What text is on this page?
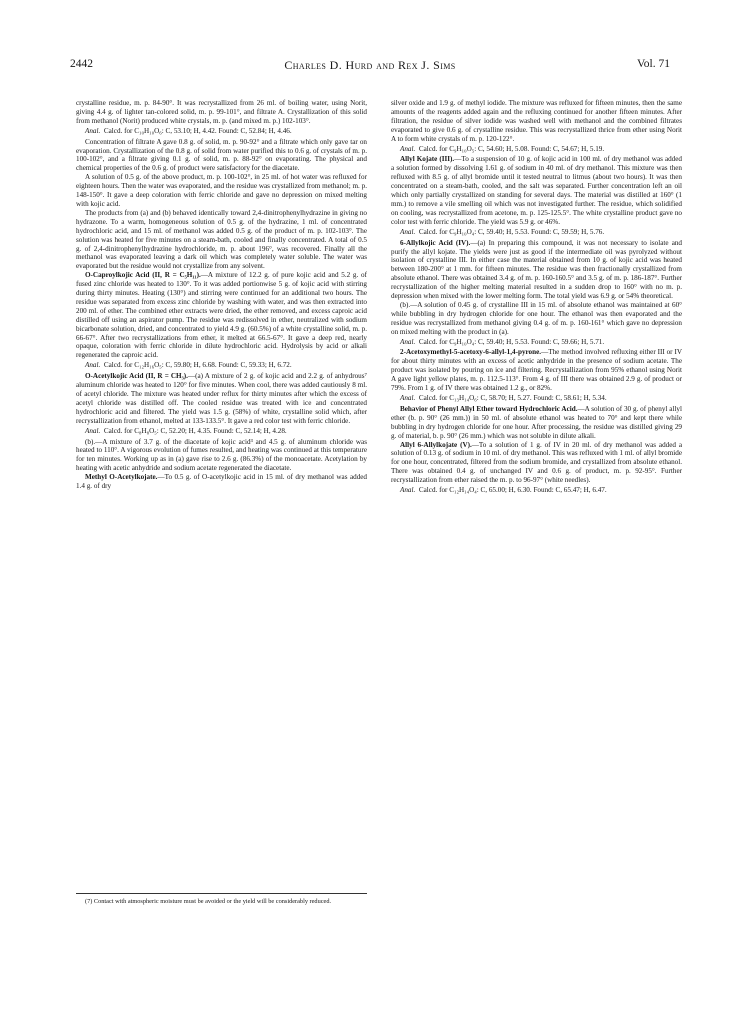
2442	Charles D. Hurd and Rex J. Sims	Vol. 71

crystalline residue, m. p. 84-90°. It was recrystallized from 26 ml. of boiling water, using Norit, giving 4.4 g. of lighter tan-colored solid, m. p. 99-101°, and filtrate A. Crystallization of this solid from methanol (Norit) produced white crystals, m. p. (and mixed m. p.) 102-103°.

Anal. Calcd. for C₁₀H₁₀O₆: C, 53.10; H, 4.42. Found: C, 52.84; H, 4.46.

Concentration of filtrate A gave 0.8 g. of solid, m. p. 90-92° and a filtrate which only gave tar on evaporation. Crystallization of the 0.8 g. of solid from water purified this to 0.6 g. of crystals of m. p. 100-102°, and a filtrate giving 0.1 g. of solid, m. p. 88-92° on evaporating. The physical and chemical properties of the 0.6 g. of product were satisfactory for the diacetate.

A solution of 0.5 g. of the above product, m. p. 100-102°, in 25 ml. of hot water was refluxed for eighteen hours. Then the water was evaporated, and the residue was crystallized from methanol; m. p. 148-150°. It gave a deep coloration with ferric chloride and gave no depression on mixed melting with kojic acid.

The products from (a) and (b) behaved identically toward 2,4-dinitrophenylhydrazine in giving no hydrazone. To a warm, homogeneous solution of 0.5 g. of the hydrazine, 1 ml. of concentrated hydrochloric acid, and 15 ml. of methanol was added 0.5 g. of the product of m. p. 102-103°. The solution was heated for five minutes on a steam-bath, cooled and finally concentrated. A total of 0.5 g. of 2,4-dinitrophenylhydrazine hydrochloride, m. p. about 196°, was recovered. Finally all the methanol was evaporated leaving a dark oil which was completely water soluble. The water was evaporated but the residue would not crystallize from any solvent.

O-Caproylkojic Acid (II, R = C₅H₁₁).—A mixture of 12.2 g. of pure kojic acid and 5.2 g. of fused zinc chloride was heated to 130°. To it was added portionwise 5 g. of kojic acid with stirring during thirty minutes. Heating (130°) and stirring were continued for an additional two hours. The residue was separated from excess zinc chloride by washing with water, and was then extracted into 200 ml. of ether. The combined ether extracts were dried, the ether removed, and excess caproic acid distilled off using an aspirator pump. The residue was redissolved in ether, neutralized with sodium bicarbonate solution, dried, and concentrated to yield 4.9 g. (60.5%) of a white crystalline solid, m. p. 66-67°. After two recrystallizations from ether, it melted at 66.5-67°. It gave a deep red, nearly opaque, coloration with ferric chloride in dilute hydrochloric acid. Hydrolysis by acid or alkali regenerated the caproic acid.

Anal. Calcd. for C₁₂H₁₆O₅: C, 59.80; H, 6.68. Found: C, 59.33; H, 6.72.

O-Acetylkojic Acid (II, R = CH₃).—(a) A mixture of 2 g. of kojic acid and 2.2 g. of anhydrous⁷ aluminum chloride was heated to 120° for five minutes. When cool, there was added cautiously 8 ml. of acetyl chloride. The mixture was heated under reflux for thirty minutes after which the excess of acetyl chloride was distilled off. The cooled residue was treated with ice and concentrated hydrochloric acid and filtered. The yield was 1.5 g. (58%) of white, crystalline solid which, after recrystallization from ethanol, melted at 133-133.5°. It gave a red color test with ferric chloride.

Anal. Calcd. for C₈H₈O₅: C, 52.20; H, 4.35. Found: C, 52.14; H, 4.28.

(b).—A mixture of 3.7 g. of the diacetate of kojic acid³ and 4.5 g. of aluminum chloride was heated to 110°. A vigorous evolution of fumes resulted, and heating was continued at this temperature for ten minutes. Working up as in (a) gave rise to 2.6 g. (86.3%) of the monoacetate. Acetylation by heating with acetic anhydride and sodium acetate regenerated the diacetate.

Methyl O-Acetylkojate.—To 0.5 g. of O-acetylkojic acid in 15 ml. of dry methanol was added 1.4 g. of dry

silver oxide and 1.9 g. of methyl iodide. The mixture was refluxed for fifteen minutes, then the same amounts of the reagents added again and the refluxing continued for another fifteen minutes. After filtration, the residue of silver iodide was washed well with methanol and the combined filtrates evaporated to give 0.6 g. of crystalline residue. This was recrystallized thrice from ether using Norit A to form white crystals of m. p. 120-122°.

Anal. Calcd. for C₉H₁₀O₅: C, 54.60; H, 5.08. Found: C, 54.67; H, 5.19.

Allyl Kojate (III).—To a suspension of 10 g. of kojic acid in 100 ml. of dry methanol was added a solution formed by dissolving 1.61 g. of sodium in 40 ml. of dry methanol. This mixture was then refluxed with 8.5 g. of allyl bromide until it tested neutral to litmus (about two hours). It was then concentrated on a steam-bath, cooled, and the salt was separated. Further concentration left an oil which only partially crystallized on standing for several days. The material was distilled at 160° (1 mm.) to remove a vile smelling oil which was not investigated further. The residue, which solidified on cooling, was recrystallized from acetone, m. p. 125-125.5°. The white crystalline product gave no color test with ferric chloride. The yield was 5.9 g. or 46%.

Anal. Calcd. for C₉H₁₀O₄: C, 59.40; H, 5.53. Found: C, 59.59; H, 5.76.

6-Allylkojic Acid (IV).—(a) In preparing this compound, it was not necessary to isolate and purify the allyl kojate. The yields were just as good if the intermediate oil was pyrolyzed without isolation of crystalline III. In either case the material obtained from 10 g. of kojic acid was heated between 180-200° at 1 mm. for fifteen minutes. The residue was then fractionally crystallized from absolute ethanol. There was obtained 3.4 g. of m. p. 160-160.5° and 3.5 g. of m. p. 186-187°. Further recrystallization of the higher melting material resulted in a sudden drop to 160° with no m. p. depression when mixed with the lower melting form. The total yield was 6.9 g. or 54% theoretical.

(b).—A solution of 0.45 g. of crystalline III in 15 ml. of absolute ethanol was maintained at 60° while bubbling in dry hydrogen chloride for one hour. The ethanol was then evaporated and the residue was recrystallized from methanol giving 0.4 g. of m. p. 160-161° which gave no depression on mixed melting with the product in (a).

Anal. Calcd. for C₉H₁₀O₄: C, 59.40; H, 5.53. Found: C, 59.66; H, 5.71.

2-Acetoxymethyl-5-acetoxy-6-allyl-1,4-pyrone.—The method involved refluxing either III or IV for about thirty minutes with an excess of acetic anhydride in the presence of sodium acetate. The product was isolated by pouring on ice and filtering. Recrystallization from 95% ethanol using Norit A gave light yellow plates, m. p. 112.5-113°. From 4 g. of III there was obtained 2.9 g. of product or 79%. From 1 g. of IV there was obtained 1.2 g., or 82%.

Anal. Calcd. for C₁₃H₁₄O₆: C, 58.70; H, 5.27. Found: C, 58.61; H, 5.34.

Behavior of Phenyl Allyl Ether toward Hydrochloric Acid.—A solution of 30 g. of phenyl allyl ether (b. p. 90° (26 mm.)) in 50 ml. of absolute ethanol was heated to 70° and kept there while bubbling in dry hydrogen chloride for one hour. After processing, the residue was distilled giving 29 g. of material, b. p. 90° (26 mm.) which was not soluble in dilute alkali.

Allyl 6-Allylkojate (V).—To a solution of 1 g. of IV in 20 ml. of dry methanol was added a solution of 0.13 g. of sodium in 10 ml. of dry methanol. This was refluxed with 1 ml. of allyl bromide for one hour, concentrated, filtered from the sodium bromide, and crystallized from absolute ethanol. There was obtained 0.4 g. of unchanged IV and 0.6 g. of product, m. p. 92-95°. Further recrystallization from ether raised the m. p. to 96-97° (white needles).

Anal. Calcd. for C₁₂H₁₄O₄: C, 65.00; H, 6.30. Found: C, 65.47; H, 6.47.

(7) Contact with atmospheric moisture must be avoided or the yield will be considerably reduced.
